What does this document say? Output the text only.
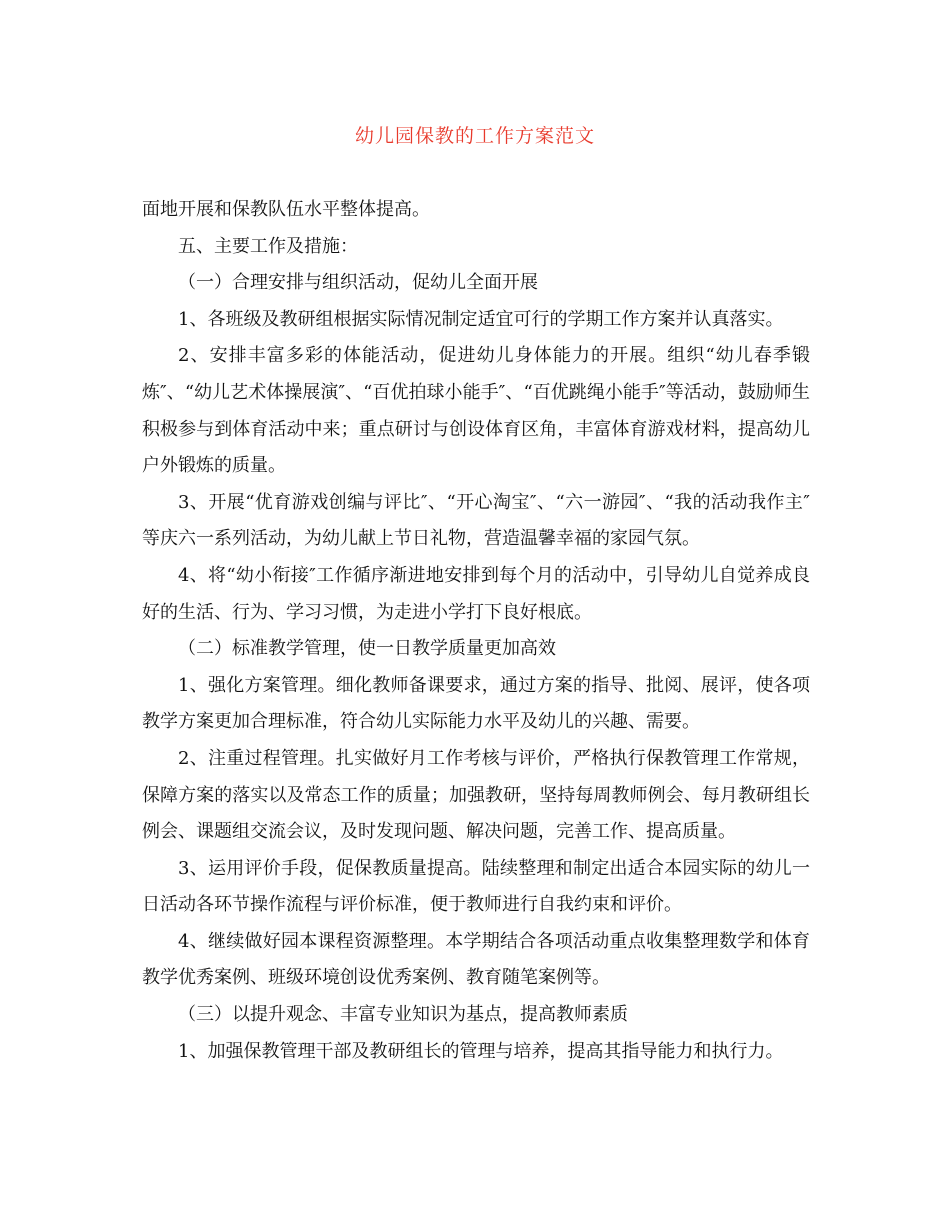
幼儿园保教的工作方案范文

面地开展和保教队伍水平整体提高。

五、主要工作及措施：

（一）合理安排与组织活动，促幼儿全面开展

1、各班级及教研组根据实际情况制定适宜可行的学期工作方案并认真落实。

2、安排丰富多彩的体能活动，促进幼儿身体能力的开展。组织“幼儿春季锻炼″、“幼儿艺术体操展演″、“百优拍球小能手″、“百优跳绳小能手″等活动，鼓励师生积极参与到体育活动中来；重点研讨与创设体育区角，丰富体育游戏材料，提高幼儿户外锻炼的质量。

3、开展“优育游戏创编与评比″、“开心淘宝″、“六一游园″、“我的活动我作主″等庆六一系列活动，为幼儿献上节日礼物，营造温馨幸福的家园气氛。

4、将“幼小衔接″工作循序渐进地安排到每个月的活动中，引导幼儿自觉养成良好的生活、行为、学习习惯，为走进小学打下良好根底。

（二）标准教学管理，使一日教学质量更加高效

1、强化方案管理。细化教师备课要求，通过方案的指导、批阅、展评，使各项教学方案更加合理标准，符合幼儿实际能力水平及幼儿的兴趣、需要。

2、注重过程管理。扎实做好月工作考核与评价，严格执行保教管理工作常规，保障方案的落实以及常态工作的质量；加强教研，坚持每周教师例会、每月教研组长例会、课题组交流会议，及时发现问题、解决问题，完善工作、提高质量。

3、运用评价手段，促保教质量提高。陆续整理和制定出适合本园实际的幼儿一日活动各环节操作流程与评价标准，便于教师进行自我约束和评价。

4、继续做好园本课程资源整理。本学期结合各项活动重点收集整理数学和体育教学优秀案例、班级环境创设优秀案例、教育随笔案例等。

（三）以提升观念、丰富专业知识为基点，提高教师素质

1、加强保教管理干部及教研组长的管理与培养，提高其指导能力和执行力。
